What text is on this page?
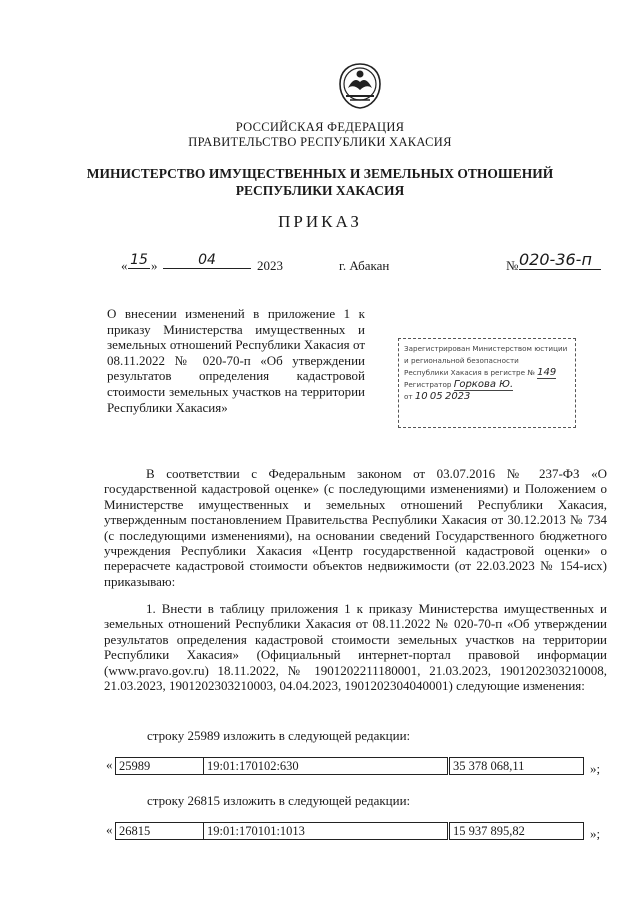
РОССИЙСКАЯ ФЕДЕРАЦИЯ
ПРАВИТЕЛЬСТВО РЕСПУБЛИКИ ХАКАСИЯ
МИНИСТЕРСТВО ИМУЩЕСТВЕННЫХ И ЗЕМЕЛЬНЫХ ОТНОШЕНИЙ
РЕСПУБЛИКИ ХАКАСИЯ
ПРИКАЗ
« 15 »	04	2023	г. Абакан	№ 020-36-п
О внесении изменений в приложение 1 к приказу Министерства имущественных и земельных отношений Республики Хакасия от 08.11.2022 № 020-70-п «Об утверждении результатов определения кадастровой стоимости земельных участков на территории Республики Хакасия»
Зарегистрирован Министерством юстиции
и региональной безопасности
Республики Хакасия в регистре № 149
Регистратор Горкова Ю.
от 10 05 2023
В соответствии с Федеральным законом от 03.07.2016 № 237-ФЗ «О государственной кадастровой оценке» (с последующими изменениями) и Положением о Министерстве имущественных и земельных отношений Республики Хакасия, утвержденным постановлением Правительства Республики Хакасия от 30.12.2013 № 734 (с последующими изменениями), на основании сведений Государственного бюджетного учреждения Республики Хакасия «Центр государственной кадастровой оценки» о перерасчете кадастровой стоимости объектов недвижимости (от 22.03.2023 № 154-исх) приказываю:
1. Внести в таблицу приложения 1 к приказу Министерства имущественных и земельных отношений Республики Хакасия от 08.11.2022 № 020-70-п «Об утверждении результатов определения кадастровой стоимости земельных участков на территории Республики Хакасия» (Официальный интернет-портал правовой информации (www.pravo.gov.ru) 18.11.2022, № 1901202211180001, 21.03.2023, 1901202303210008, 21.03.2023, 1901202303210003, 04.04.2023, 1901202304040001) следующие изменения:
строку 25989 изложить в следующей редакции:
« 25989	19:01:170102:630	35 378 068,11	»;
строку 26815 изложить в следующей редакции:
« 26815	19:01:170101:1013	15 937 895,82	»;
